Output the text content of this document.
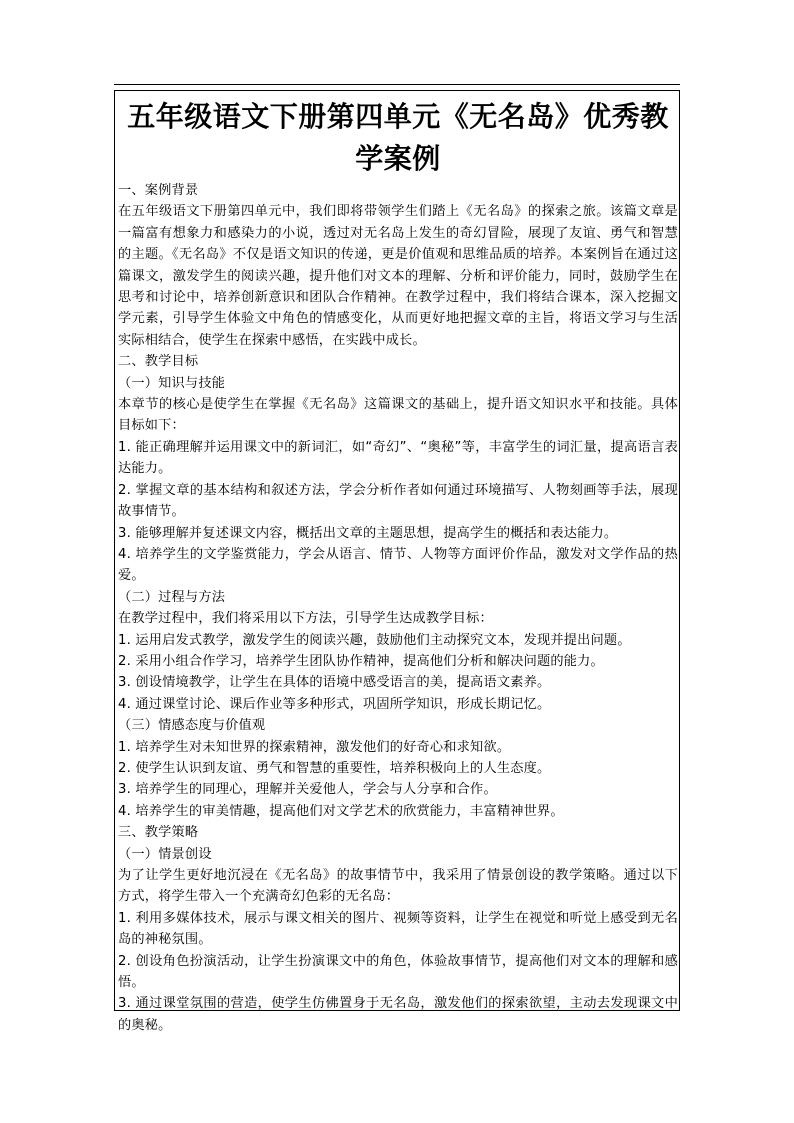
五年级语文下册第四单元《无名岛》优秀教学案例

一、案例背景

在五年级语文下册第四单元中，我们即将带领学生们踏上《无名岛》的探索之旅。该篇文章是一篇富有想象力和感染力的小说，透过对无名岛上发生的奇幻冒险，展现了友谊、勇气和智慧的主题。《无名岛》不仅是语文知识的传递，更是价值观和思维品质的培养。本案例旨在通过这篇课文，激发学生的阅读兴趣，提升他们对文本的理解、分析和评价能力，同时，鼓励学生在思考和讨论中，培养创新意识和团队合作精神。在教学过程中，我们将结合课本，深入挖掘文学元素，引导学生体验文中角色的情感变化，从而更好地把握文章的主旨，将语文学习与生活实际相结合，使学生在探索中感悟，在实践中成长。

二、教学目标

（一）知识与技能

本章节的核心是使学生在掌握《无名岛》这篇课文的基础上，提升语文知识水平和技能。具体目标如下：

1. 能正确理解并运用课文中的新词汇，如“奇幻”、“奥秘”等，丰富学生的词汇量，提高语言表达能力。

2. 掌握文章的基本结构和叙述方法，学会分析作者如何通过环境描写、人物刻画等手法，展现故事情节。

3. 能够理解并复述课文内容，概括出文章的主题思想，提高学生的概括和表达能力。

4. 培养学生的文学鉴赏能力，学会从语言、情节、人物等方面评价作品，激发对文学作品的热爱。

（二）过程与方法

在教学过程中，我们将采用以下方法，引导学生达成教学目标：

1. 运用启发式教学，激发学生的阅读兴趣，鼓励他们主动探究文本，发现并提出问题。

2. 采用小组合作学习，培养学生团队协作精神，提高他们分析和解决问题的能力。

3. 创设情境教学，让学生在具体的语境中感受语言的美，提高语文素养。

4. 通过课堂讨论、课后作业等多种形式，巩固所学知识，形成长期记忆。

（三）情感态度与价值观

1. 培养学生对未知世界的探索精神，激发他们的好奇心和求知欲。

2. 使学生认识到友谊、勇气和智慧的重要性，培养积极向上的人生态度。

3. 培养学生的同理心，理解并关爱他人，学会与人分享和合作。

4. 培养学生的审美情趣，提高他们对文学艺术的欣赏能力，丰富精神世界。

三、教学策略

（一）情景创设

为了让学生更好地沉浸在《无名岛》的故事情节中，我采用了情景创设的教学策略。通过以下方式，将学生带入一个充满奇幻色彩的无名岛：

1. 利用多媒体技术，展示与课文相关的图片、视频等资料，让学生在视觉和听觉上感受到无名岛的神秘氛围。

2. 创设角色扮演活动，让学生扮演课文中的角色，体验故事情节，提高他们对文本的理解和感悟。

3. 通过课堂氛围的营造，使学生仿佛置身于无名岛，激发他们的探索欲望，主动去发现课文中的奥秘。
